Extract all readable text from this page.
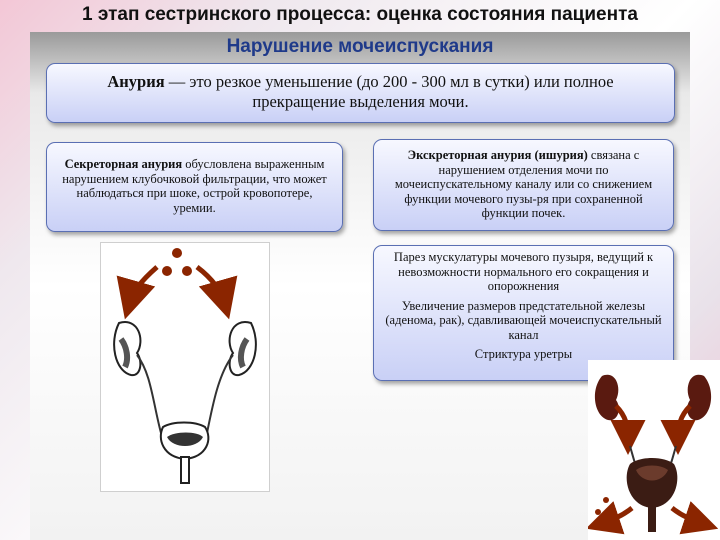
1 этап сестринского процесса: оценка состояния пациента
Нарушение мочеиспускания
Анурия — это резкое уменьшение (до 200 - 300 мл в сутки) или полное прекращение выделения мочи.
Секреторная анурия обусловлена выраженным нарушением клубочковой фильтрации, что может наблюдаться при шоке, острой кровопотере, уремии.
Экскреторная анурия (ишурия) связана с нарушением отделения мочи по мочеиспускательному каналу или со снижением функции мочевого пузы-ря при сохраненной функции почек.
Парез мускулатуры мочевого пузыря, ведущий к невозможности нормального его сокращения и опорожнения
Увеличение размеров предстательной железы (аденома, рак), сдавливающей мочеиспускательный канал
Стриктура уретры
